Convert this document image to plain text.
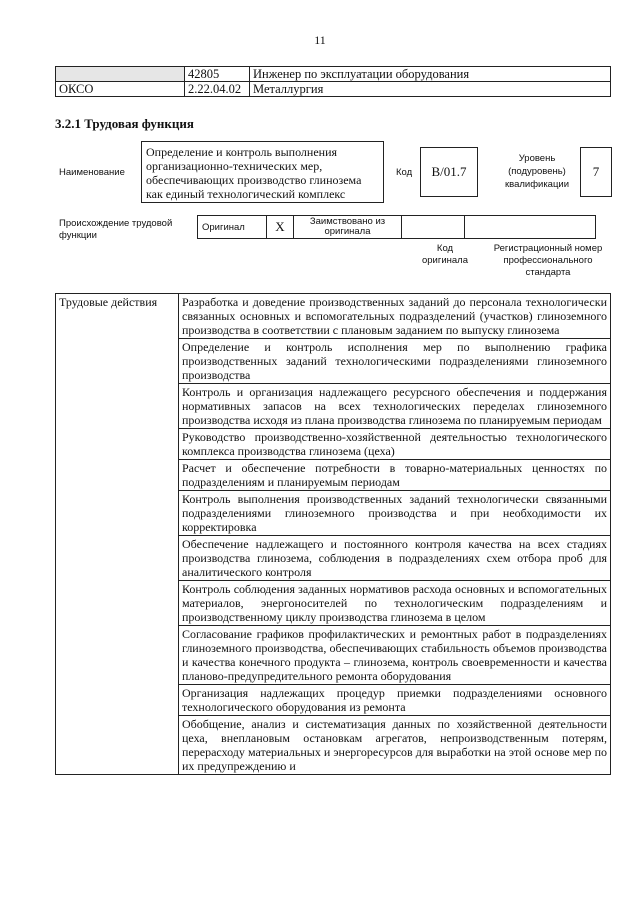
11
	42805	Инженер по эксплуатации оборудования
ОКСО	2.22.04.02	Металлургия
3.2.1 Трудовая функция
Наименование
Определение и контроль выполнения организационно-технических мер, обеспечивающих производство глинозема как единый технологический комплекс
Код	B/01.7
Уровень (подуровень) квалификации
7
Происхождение трудовой функции
Оригинал	X	Заимствовано из оригинала		
Код оригинала
Регистрационный номер профессионального стандарта
Трудовые действия	Разработка и доведение производственных заданий до персонала технологически связанных основных и вспомогательных подразделений (участков) глиноземного производства в соответствии с плановым заданием по выпуску глинозема
Определение и контроль исполнения мер по выполнению графика производственных заданий технологическими подразделениями глиноземного производства
Контроль и организация надлежащего ресурсного обеспечения и поддержания нормативных запасов на всех технологических переделах глиноземного производства исходя из плана производства глинозема по планируемым периодам
Руководство производственно-хозяйственной деятельностью технологического комплекса производства глинозема (цеха)
Расчет и обеспечение потребности в товарно-материальных ценностях по подразделениям и планируемым периодам
Контроль выполнения производственных заданий технологически связанными подразделениями глиноземного производства и при необходимости их корректировка
Обеспечение надлежащего и постоянного контроля качества на всех стадиях производства глинозема, соблюдения в подразделениях схем отбора проб для аналитического контроля
Контроль соблюдения заданных нормативов расхода основных и вспомогательных материалов, энергоносителей по технологическим подразделениям и производственному циклу производства глинозема в целом
Согласование графиков профилактических и ремонтных работ в подразделениях глиноземного производства, обеспечивающих стабильность объемов производства и качества конечного продукта – глинозема, контроль своевременности и качества планово-предупредительного ремонта оборудования
Организация надлежащих процедур приемки подразделениями основного технологического оборудования из ремонта
Обобщение, анализ и систематизация данных по хозяйственной деятельности цеха, внеплановым остановкам агрегатов, непроизводственным потерям, перерасходу материальных и энергоресурсов для выработки на этой основе мер по их предупреждению и
